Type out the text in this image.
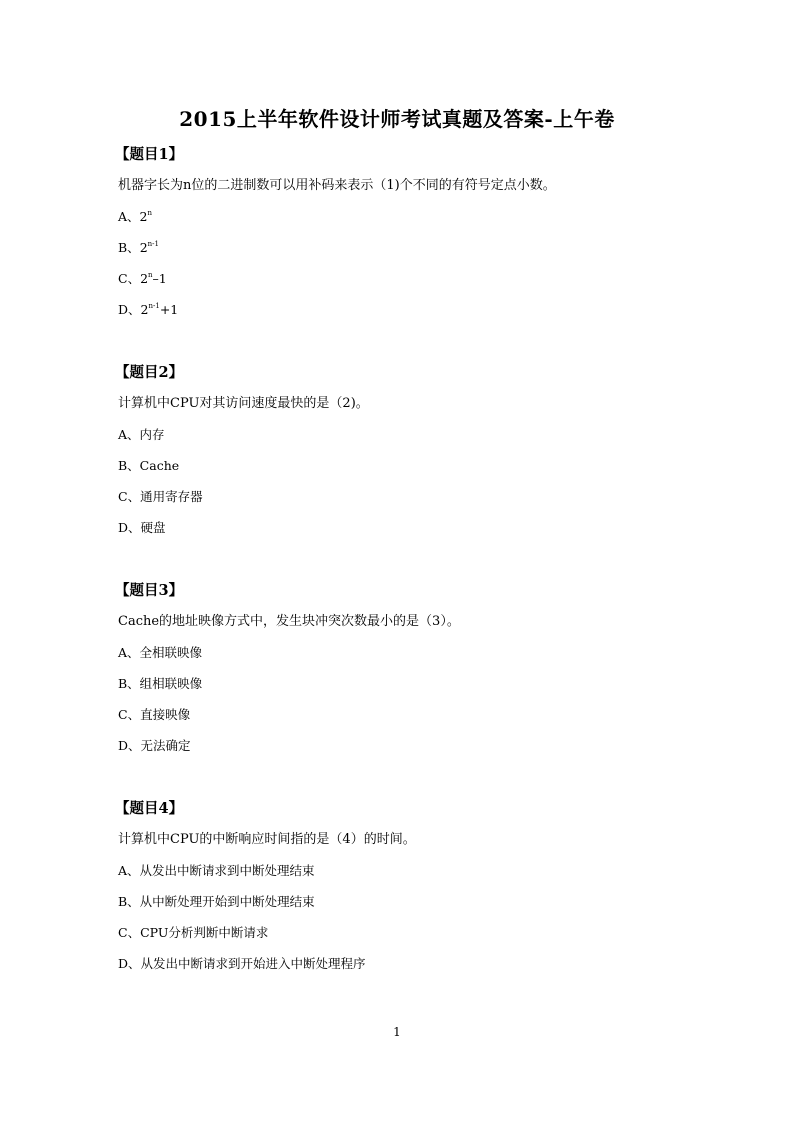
2015上半年软件设计师考试真题及答案-上午卷
【题目1】
机器字长为n位的二进制数可以用补码来表示（1)个不同的有符号定点小数。
A、2$^n$
B、2$^{n-1}$
C、2$^n$–1
D、$2^{n-1}+1$
【题目2】
计算机中CPU对其访问速度最快的是（2)。
A、内存
B、Cache
C、通用寄存器
D、硬盘
【题目3】
Cache的地址映像方式中，发生块冲突次数最小的是（3）。
A、全相联映像
B、组相联映像
C、直接映像
D、无法确定
【题目4】
计算机中CPU的中断响应时间指的是（4）的时间。
A、从发出中断请求到中断处理结束
B、从中断处理开始到中断处理结束
C、CPU分析判断中断请求
D、从发出中断请求到开始进入中断处理程序
1
